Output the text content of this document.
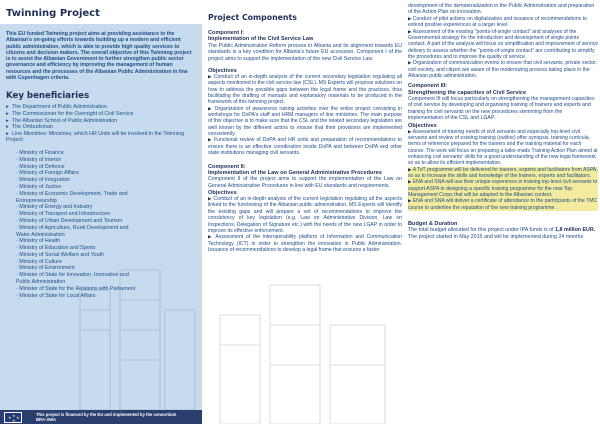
Twinning Project

This EU funded Twinning project aims at providing assistance to the Albanian's on-going efforts towards building up a modern and efficient public administration, which is able to provide high quality services to citizens and decision makers. The overall objective of this Twinning project is to assist the Albanian Government to further strengthen public sector governance and efficiency by improving the management of human resources and the processes of the Albanian Public Administration in line with Copenhagen criteria.

Key beneficiaries
▸ The Department of Public Administration
▸ The Commissioner for the Oversight of Civil Service
▸ The Albanian School of Public Administration
▸ The Ombudsman
▸ Line Ministries: Ministries, which HR Units will be involved in the Twinning Project:
· Ministry of Finance
· Ministry of Interior
· Ministry of Defence
· Ministry of Foreign Affairs
· Ministry of Integration
· Ministry of Justice
· Ministry of Economic Development, Trade and
Entrepreneurship
· Ministry of Energy and Industry
· Ministry of Transport and Infrastructure
· Ministry of Urban Development and Tourism
· Ministry of Agriculture, Rural Development and
Water Administration
· Ministry of Health
· Ministry of Education and Sports
· Ministry of Social Welfare and Youth
· Ministry of Culture
· Ministry of Environment
· Minister of State for Innovation, Innovation and
Public Administration
· Minister of State for the Relations with Parliament
· Minister of State for Local Affairs
★
★ ★
★
This project is financed by the EU and implemented by the consortium BRA-SWA
Project Components
Component I:
Implementation of the Civil Service Law

The Public Administration Reform process in Albania and its alignment towards EU standards is a key condition for Albania's future EU accession. Component I of the project aims to support the implementation of the new Civil Service Law.

Objectives

▶ Conduct of an in-depth analysis of the current secondary legislation regulating all aspects mentioned in the civil service law (CSL). MS Experts will propose solutions on how to address the possible gaps between the legal frame and the practices, thus facilitating the drafting of manuals and explanatory materials to be produced in the framework of this twinning project.

▶ Organization of awareness raising activities over the entire project consisting in workshops for DoPA's staff and HRM managers of line ministries. The main purpose of this objective is to make sure that the CSL and the related secondary legislation are well known by the different actors to ensure that their provisions are implemented consistently.

▶ Functional review of DoPA and HR units and preparation of recommendations to ensure there is an effective coordination inside DoPA and between DoPA and other state institutions managing civil servants.

Component II:
Implementation of the Law on General Administrative Procedures

Component II of the project aims to support the implementation of the Law on General Administrative Procedures in line with EU standards and requirements.

Objectives

▶ Conduct of an in-depth analysis of the current legislation regulating all the aspects linked to the functioning of the Albanian public administration. MS Experts will identify the existing gaps and will prepare a set of recommendations to improve the consistency of key legislation (e.g. Law on Administrative Division, Law on Inspections, Delegation of Signature etc.) with the needs of the new LGAP in order to improve its effective enforcement.

▶ Assessment of the interoperability platform of Information and Communication Technology (ICT) in order to strengthen the innovation in Public Administration. Issuance of recommendations to develop a legal frame that ensures a faster

development of the dematerialization in the Public Administration and preparation of the Action Plan on innovation.

▶ Conduct of pilot actions on digitalization and issuance of recommendations to extend positive experiences at a larger level.

▶ Assessment of the existing "points-of-single contact" and analyses of the Governmental strategy for the introduction and development of single points contact. A part of the analysis will focus on simplification and improvement of service delivery to assess whether the "points-of-single contact" are contributing to simplify the procedures and to improve the quality of service.

▶ Organization of communication events to ensure that civil servants, private sector, civil society, and citizen are aware of the modernizing process taking place in the Albanian public administration.

Component III:
Strengthening the capacities of Civil Service

Component III will focus particularly on strengthening the management capacities of civil service by developing and organising training of trainers and experts and training for civil servants on the new procedures stemming from the implementation of the CSL and LGAP.

Objectives

▶ Assessment of training needs of civil servants and especially top-level civil servants and review of existing training (outline) offer synopsis, training curricula, terms of reference prepared for the trainers and the training material for each course. The work will focus on preparing a tailor-made Training Action Plan aimed at enhancing civil servants' skills for a good understanding of the new legal framework so as to allow its efficient implementation.

▶ A ToT programme will be delivered for trainers, experts and facilitators from ASPA, so as to increase the skills and knowledge of the trainers, experts and facilitators.

▶ ENA and SNA will use their unique experience in training top-level civil servants to support ASPA in designing a specific training programme for the new Top Management Corps that will be adapted to the Albanian context.

▶ ENA and SNA will deliver a certificate of attendance to the participants of the TMC course to underline the reputation of the new training programme. .

Budget & Duration

The total budget allocated for this project under IPA funds is of 1,8 million EUR. The project started in May 2015 and will be implemented during 24 months
